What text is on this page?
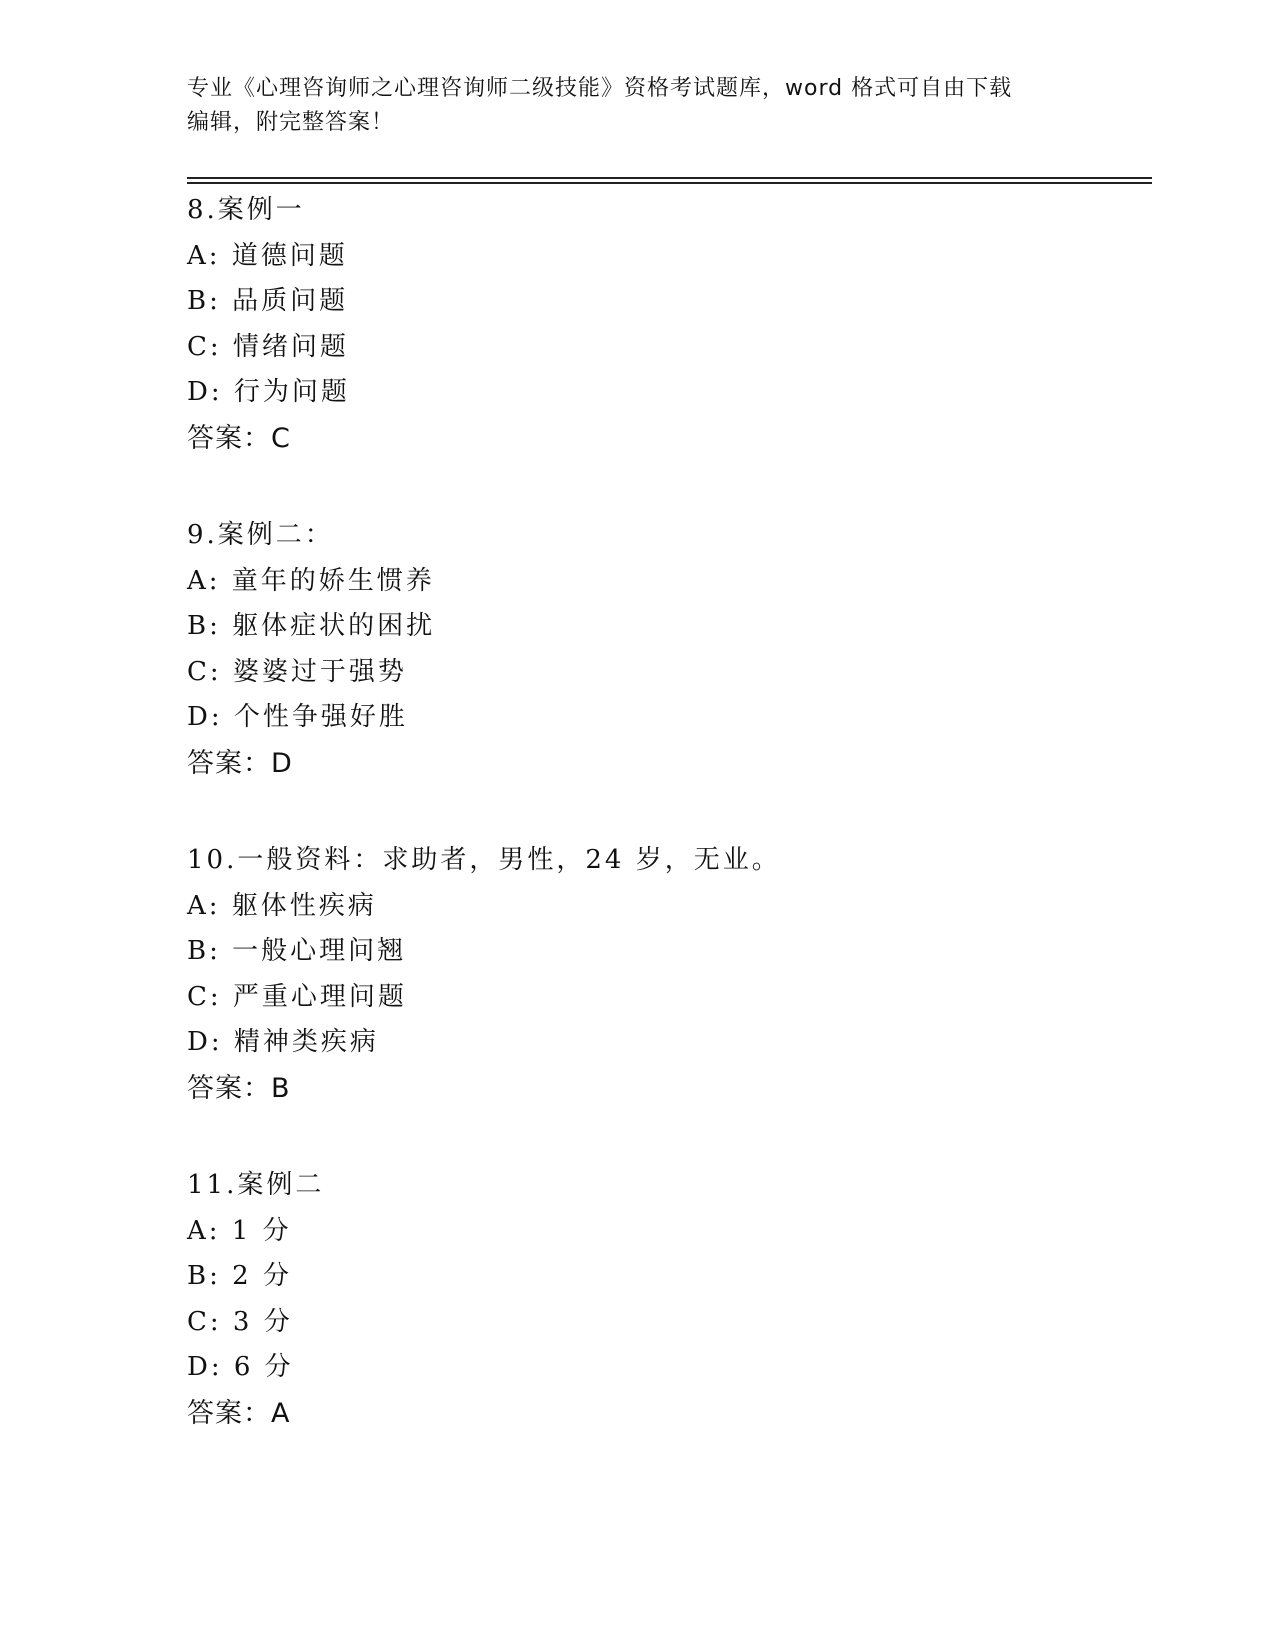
专业《心理咨询师之心理咨询师二级技能》资格考试题库，word 格式可自由下载
编辑，附完整答案！
8.案例一
A: 道德问题
B: 品质问题
C: 情绪问题
D: 行为问题
答案：C
9.案例二：
A: 童年的娇生惯养
B: 躯体症状的困扰
C: 婆婆过于强势
D: 个性争强好胜
答案：D
10.一般资料：求助者，男性，24 岁，无业。
A: 躯体性疾病
B: 一般心理问翘
C: 严重心理问题
D: 精神类疾病
答案：B
11.案例二
A: 1 分
B: 2 分
C: 3 分
D: 6 分
答案：A
